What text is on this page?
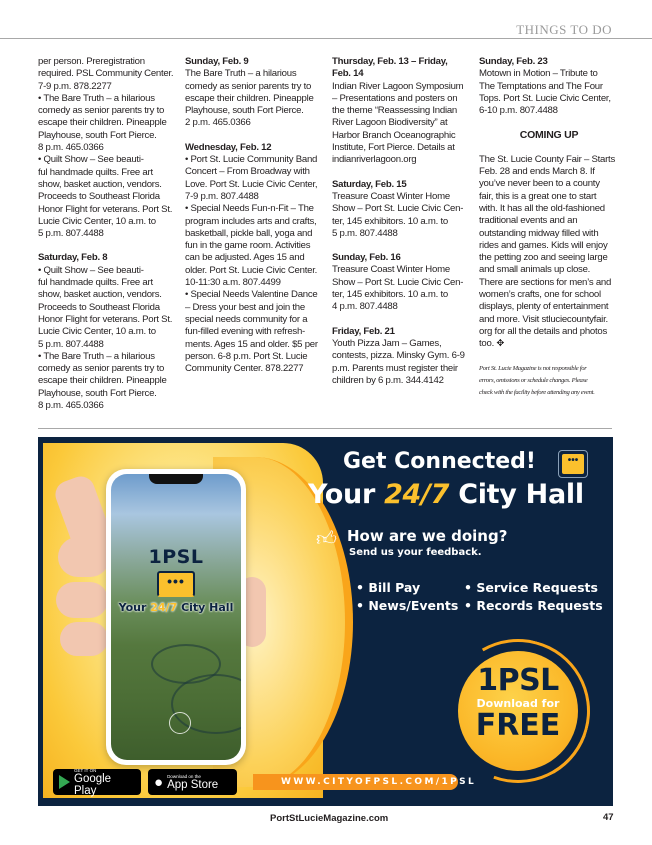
THINGS TO DO
per person. Preregistration
required. PSL Community Center.
7-9 p.m. 878.2277
• The Bare Truth – a hilarious
comedy as senior parents try to
escape their children. Pineapple
Playhouse, south Fort Pierce.
8 p.m. 465.0366
• Quilt Show – See beauti-
ful handmade quilts. Free art
show, basket auction, vendors.
Proceeds to Southeast Florida
Honor Flight for veterans. Port St.
Lucie Civic Center, 10 a.m. to
5 p.m. 807.4488
Saturday, Feb. 8
• Quilt Show – See beauti-
ful handmade quilts. Free art
show, basket auction, vendors.
Proceeds to Southeast Florida
Honor Flight for veterans. Port St.
Lucie Civic Center, 10 a.m. to
5 p.m. 807.4488
• The Bare Truth – a hilarious
comedy as senior parents try to
escape their children. Pineapple
Playhouse, south Fort Pierce.
8 p.m. 465.0366
Sunday, Feb. 9
The Bare Truth – a hilarious
comedy as senior parents try to
escape their children. Pineapple
Playhouse, south Fort Pierce.
2 p.m. 465.0366
Wednesday, Feb. 12
• Port St. Lucie Community Band
Concert – From Broadway with
Love. Port St. Lucie Civic Center,
7-9 p.m. 807.4488
• Special Needs Fun-n-Fit – The
program includes arts and crafts,
basketball, pickle ball, yoga and
fun in the game room. Activities
can be adjusted. Ages 15 and
older. Port St. Lucie Civic Center.
10-11:30 a.m. 807.4499
• Special Needs Valentine Dance
– Dress your best and join the
special needs community for a
fun-filled evening with refresh-
ments. Ages 15 and older. $5 per
person. 6-8 p.m. Port St. Lucie
Community Center. 878.2277
Thursday, Feb. 13 – Friday,
Feb. 14
Indian River Lagoon Symposium
– Presentations and posters on
the theme “Reassessing Indian
River Lagoon Biodiversity” at
Harbor Branch Oceanographic
Institute, Fort Pierce. Details at
indianriverlagoon.org
Saturday, Feb. 15
Treasure Coast Winter Home
Show – Port St. Lucie Civic Cen-
ter, 145 exhibitors. 10 a.m. to
5 p.m. 807.4488
Sunday, Feb. 16
Treasure Coast Winter Home
Show – Port St. Lucie Civic Cen-
ter, 145 exhibitors. 10 a.m. to
4 p.m. 807.4488
Friday, Feb. 21
Youth Pizza Jam – Games,
contests, pizza. Minsky Gym. 6-9
p.m. Parents must register their
children by 6 p.m. 344.4142
Sunday, Feb. 23
Motown in Motion – Tribute to
The Temptations and The Four
Tops. Port St. Lucie Civic Center,
6-10 p.m. 807.4488
COMING UP
The St. Lucie County Fair – Starts
Feb. 28 and ends March 8. If
you’ve never been to a county
fair, this is a great one to start
with. It has all the old-fashioned
traditional events and an
outstanding midway filled with
rides and games. Kids will enjoy
the petting zoo and seeing large
and small animals up close.
There are sections for men’s and
women’s crafts, one for school
displays, plenty of entertainment
and more. Visit stluciecountyfair.
org for all the details and photos
too. ✥
Port St. Lucie Magazine is not responsible for
errors, omissions or schedule changes. Please
check with the facility before attending any event.
1PSL
•••
Your 24/7 City Hall
GET IT ON
Google Play	● Download on the
App Store	WWW.CITYOFPSL.COM/1PSL
Get Connected!	•••
Your 24/7 City Hall
👍︎ How are we doing?
Send us your feedback.
• Bill Pay	• Service Requests
• News/Events • Records Requests
1PSL
Download for
FREE
PortStLucieMagazine.com	47
